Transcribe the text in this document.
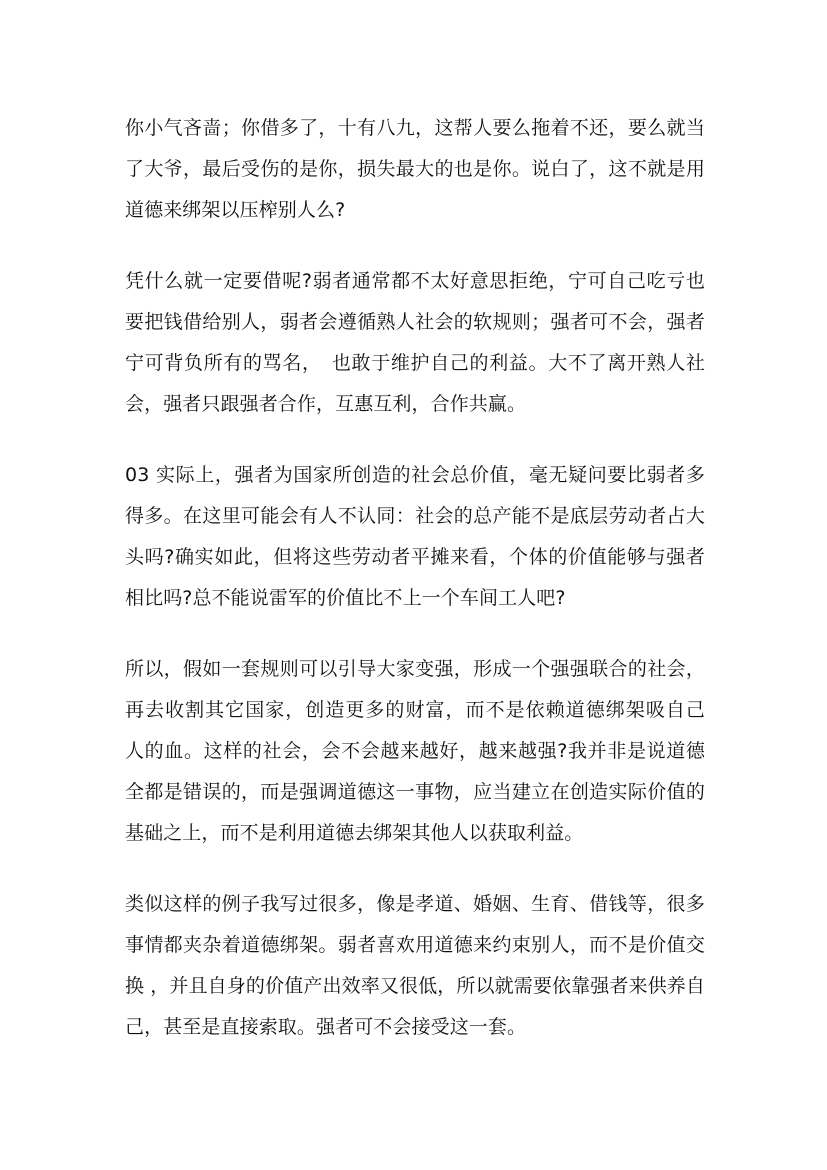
你小气吝啬；你借多了，十有八九，这帮人要么拖着不还，要么就当
了大爷，最后受伤的是你，损失最大的也是你。说白了，这不就是用
道德来绑架以压榨别人么?

凭什么就一定要借呢?弱者通常都不太好意思拒绝，宁可自己吃亏也
要把钱借给别人，弱者会遵循熟人社会的软规则；强者可不会，强者
宁可背负所有的骂名，　也敢于维护自己的利益。大不了离开熟人社
会，强者只跟强者合作，互惠互利，合作共赢。

03 实际上，强者为国家所创造的社会总价值，毫无疑问要比弱者多
得多。在这里可能会有人不认同：社会的总产能不是底层劳动者占大
头吗?确实如此，但将这些劳动者平摊来看，个体的价值能够与强者
相比吗?总不能说雷军的价值比不上一个车间工人吧?

所以，假如一套规则可以引导大家变强，形成一个强强联合的社会，
再去收割其它国家，创造更多的财富，而不是依赖道德绑架吸自己
人的血。这样的社会，会不会越来越好，越来越强?我并非是说道德
全都是错误的，而是强调道德这一事物，应当建立在创造实际价值的
基础之上，而不是利用道德去绑架其他人以获取利益。

类似这样的例子我写过很多，像是孝道、婚姻、生育、借钱等，很多
事情都夹杂着道德绑架。弱者喜欢用道德来约束别人，而不是价值交
换 ，并且自身的价值产出效率又很低，所以就需要依靠强者来供养自
己，甚至是直接索取。强者可不会接受这一套。
